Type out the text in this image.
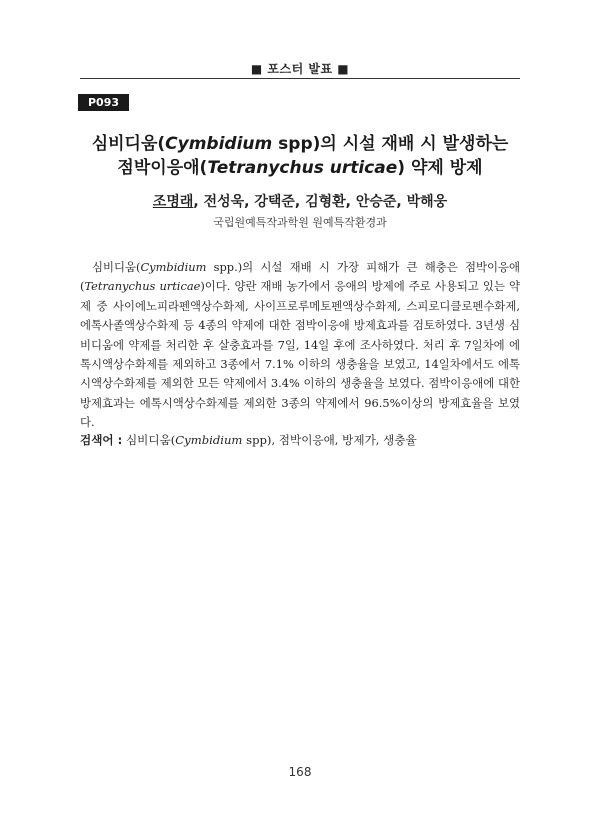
■ 포스터 발표 ■
P093
심비디움(Cymbidium spp)의 시설 재배 시 발생하는
점박이응애(Tetranychus urticae) 약제 방제
조명래, 전성욱, 강택준, 김형환, 안승준, 박해웅
국립원예특작과학원 원예특작환경과

심비디움(Cymbidium spp.)의 시설 재배 시 가장 피해가 큰 해충은 점박이응애(Tetranychus urticae)이다. 양란 재배 농가에서 응애의 방제에 주로 사용되고 있는 약제 중 사이에노피라펜액상수화제, 사이프로루메토펜액상수화제, 스피로디클로펜수화제, 에톡사졸액상수화제 등 4종의 약제에 대한 점박이응애 방제효과를 검토하였다. 3년생 심비디움에 약제를 처리한 후 살충효과를 7일, 14일 후에 조사하였다. 처리 후 7일차에 에톡시액상수화제를 제외하고 3종에서 7.1% 이하의 생충율을 보였고, 14일차에서도 에톡시액상수화제를 제외한 모든 약제에서 3.4% 이하의 생충율을 보였다. 점박이응애에 대한 방제효과는 에톡시액상수화제를 제외한 3종의 약제에서 96.5%이상의 방제효율을 보였다.

검색어 : 심비디움(Cymbidium spp), 점박이응애, 방제가, 생충율
168
